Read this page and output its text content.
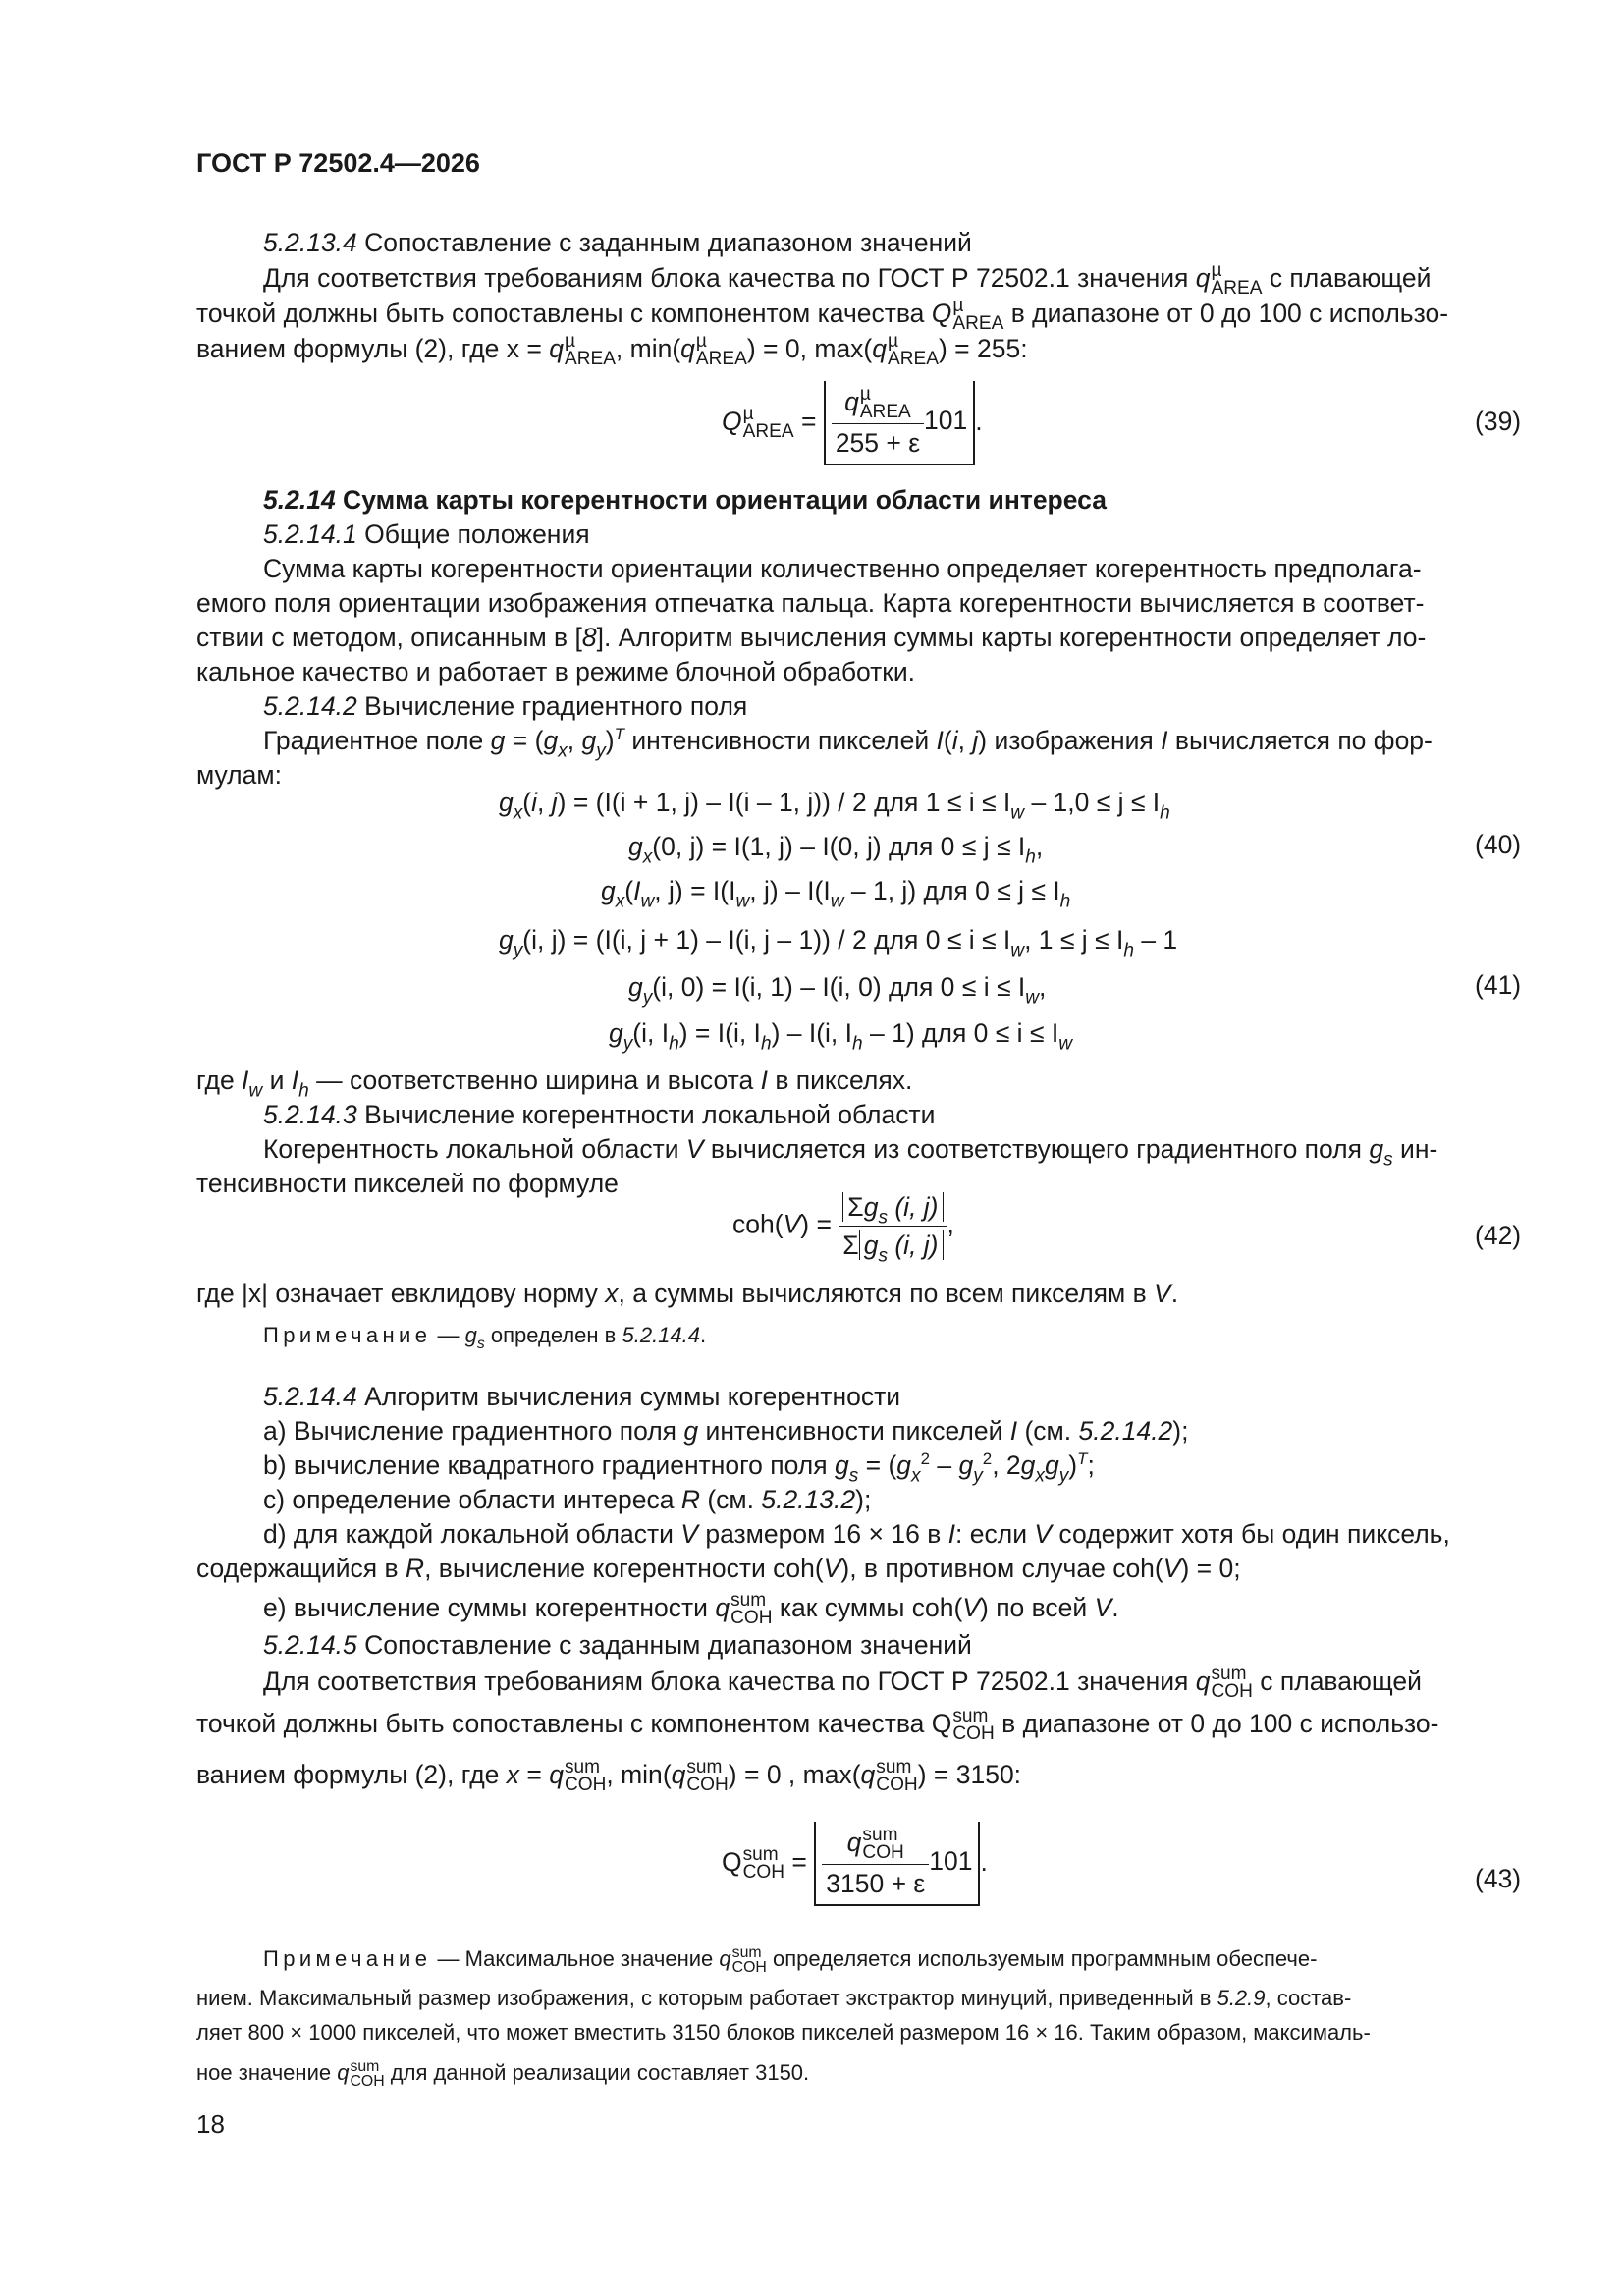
ГОСТ Р 72502.4—2026
5.2.13.4 Сопоставление с заданным диапазоном значений
Для соответствия требованиям блока качества по ГОСТ Р 72502.1 значения q µ
AREA с плавающей
точкой должны быть сопоставлены с компонентом качества Q µ
AREA в диапазоне от 0 до 100 с использо-
ванием формулы (2), где x = q µ
AREA , min(q µ
AREA ) = 0, max(q µ
AREA ) = 255:
Q µ
AREA = q µ
AREA
255 + ε 101 .	(39)
5.2.14 Сумма карты когерентности ориентации области интереса
5.2.14.1 Общие положения
Сумма карты когерентности ориентации количественно определяет когерентность предполага-
емого поля ориентации изображения отпечатка пальца. Карта когерентности вычисляется в соответ-
ствии с методом, описанным в [8]. Алгоритм вычисления суммы карты когерентности определяет ло-
кальное качество и работает в режиме блочной обработки.
5.2.14.2 Вычисление градиентного поля
Градиентное поле $g = (g_x$, $g_y)^T$ интенсивности пикселей I(i, j) изображения I вычисляется по фор-
мулам:
$g_x(i$, j) = (I(i + 1, j) – I(i – 1, j)) / 2 для $1 \le i \le I_w - 1,0 \le j \le I_h$
$g_x(0$, j) = I(1, j) – I(0, j) для $0 \le j \le I_h$,	(40)
$g_x(I_w$, $j) = I(I_w$, $j) - I(I_w - 1$, j) для $0 \le j \le I_h$
$g_y(i$, j) = (I(i, j + 1) – I(i, j – 1)) / 2 для $0 \le i \le I_w$, $1 \le j \le I_h - 1$
$g_y(i$, 0) = I(i, 1) – I(i, 0) для $0 \le i \le I_w$,	(41)
$g_y(i$, $I_h) = I(i$, $I_h) - I(i$, $I_h - 1$) для $0 \le i \le I_w$
где $I_w$ и $I_h$ — соответственно ширина и высота I в пикселях.
5.2.14.3 Вычисление когерентности локальной области
Когерентность локальной области V вычисляется из соответствующего градиентного поля $g_s$ ин-
тенсивности пикселей по формуле
$coh(V) = \frac{\Sigma g_s (i, j)}{\Sigma g_s (i, j)}$ ,	(42)
где |x| означает евклидову норму x, а суммы вычисляются по всем пикселям в V.
Примечание — $g_s$ определен в 5.2.14.4.
5.2.14.4 Алгоритм вычисления суммы когерентности
a) Вычисление градиентного поля g интенсивности пикселей I (см. 5.2.14.2);
b) вычисление квадратного градиентного поля $g_s = (g_x^2 - g_y^2$, $2g_xg_y)^T$;
c) определение области интереса R (см. 5.2.13.2);
d) для каждой локальной области V размером 16 × 16 в I: если V содержит хотя бы один пиксель,
содержащийся в R, вычисление когерентности coh(V), в противном случае coh(V) = 0;
e) вычисление суммы когерентности q sum
COH как суммы coh(V) по всей V.
5.2.14.5 Сопоставление с заданным диапазоном значений
Для соответствия требованиям блока качества по ГОСТ Р 72502.1 значения q sum
COH с плавающей
точкой должны быть сопоставлены с компонентом качества Q sum
COH в диапазоне от 0 до 100 с использо-
ванием формулы (2), где x = q sum
COH , min(q sum
COH ) = 0 , max(q sum
COH ) = 3150:
Q sum
COH = q sum
COH
3150 + ε 101 .
(43)
Примечание — Максимальное значение q sum
COH определяется используемым программным обеспече-
нием. Максимальный размер изображения, с которым работает экстрактор минуций, приведенный в 5.2.9, состав-
ляет 800 × 1000 пикселей, что может вместить 3150 блоков пикселей размером 16 × 16. Таким образом, максималь-
ное значение q sum
COH для данной реализации составляет 3150.
18
